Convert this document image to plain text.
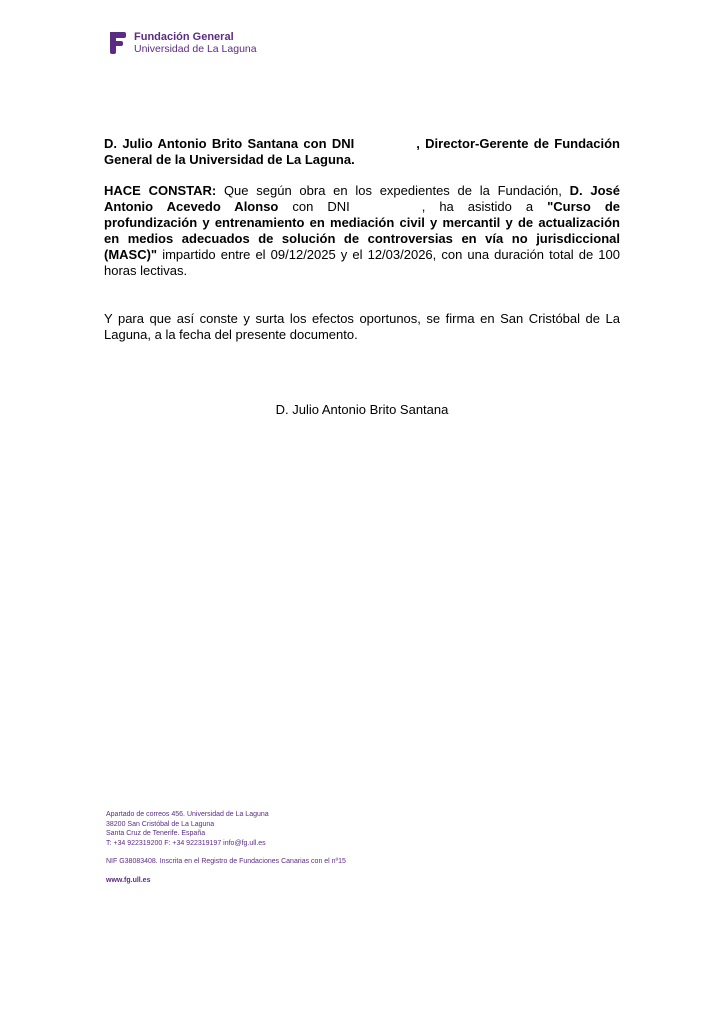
Fundación General
Universidad de La Laguna

D. Julio Antonio Brito Santana con DNI	, Director-Gerente de Fundación General de la Universidad de La Laguna.

HACE CONSTAR: Que según obra en los expedientes de la Fundación, D. José Antonio Acevedo Alonso con DNI	, ha asistido a "Curso de profundización y entrenamiento en mediación civil y mercantil y de actualización en medios adecuados de solución de controversias en vía no jurisdiccional (MASC)" impartido entre el 09/12/2025 y el 12/03/2026, con una duración total de 100 horas lectivas.

Y para que así conste y surta los efectos oportunos, se firma en San Cristóbal de La Laguna, a la fecha del presente documento.

D. Julio Antonio Brito Santana
Apartado de correos 456. Universidad de La Laguna
38200 San Cristóbal de La Laguna
Santa Cruz de Tenerife. España
T: +34 922319200 F: +34 922319197 info@fg.ull.es
NIF G38083408. Inscrita en el Registro de Fundaciones Canarias con el nº15
www.fg.ull.es
